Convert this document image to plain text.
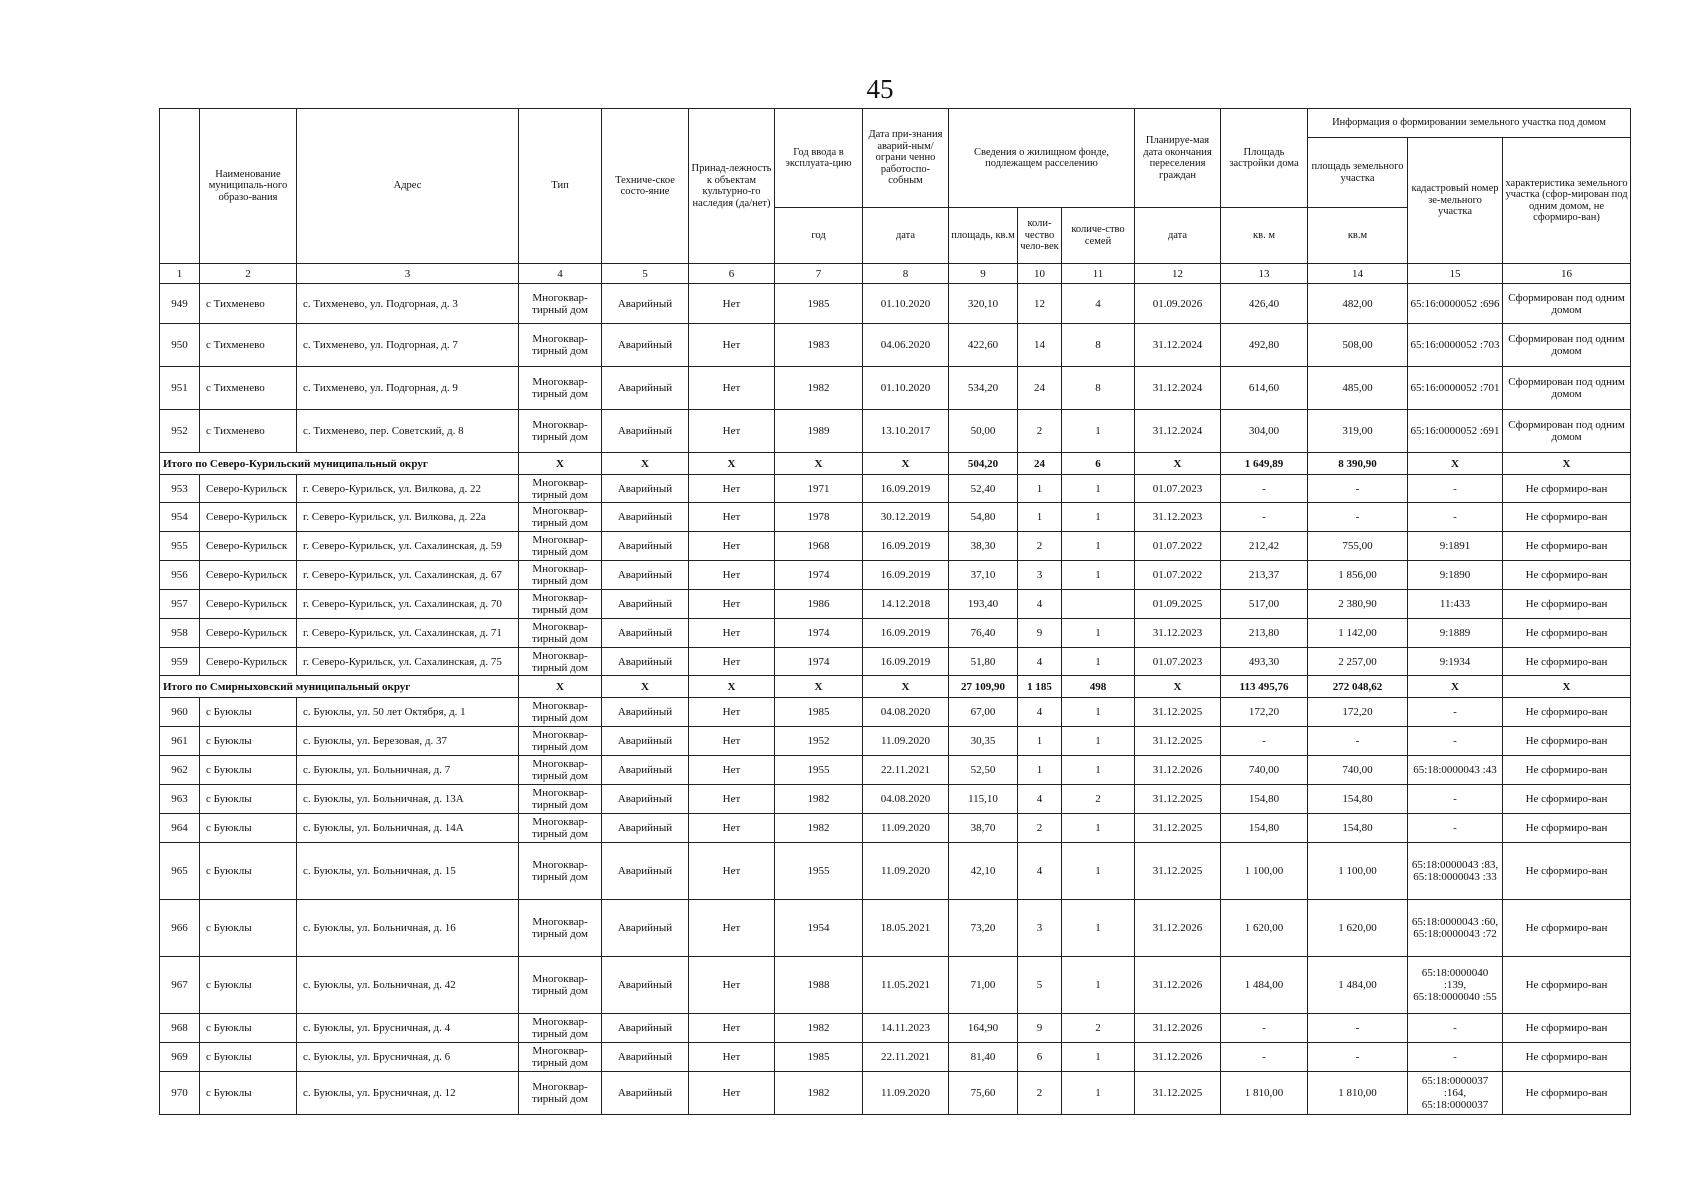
45
	Наименование муниципаль-ного образо-вания	Адрес	Тип	Техниче-ское состо-яние	Принад-лежность к объектам культурно-го наследия (да/нет)	Год ввода в эксплуата-цию	Дата при-знания аварий-ным/ограни ченно работоспо-собным	Сведения о жилищном фонде, подлежащем расселению			Планируе-мая дата окончания переселения граждан	Площадь застройки дома	Информация о формировании земельного участка под домом		
													площадь земельного участка	кадастровый номер зе-мельного участка	характеристика земельного участка (сфор-мирован под одним домом, не сформиро-ван)
						год	дата	площадь, кв.м	коли-чество чело-век	количе-ство семей	дата	кв. м	кв.м		
1	2	3	4	5	6	7	8	9	10	11	12	13	14	15	16
949	с Тихменево	с. Тихменево, ул. Подгорная, д. 3	Многоквар-тирный дом	Аварийный	Нет	1985	01.10.2020	320,10	12	4	01.09.2026	426,40	482,00	65:16:0000052 :696	Сформирован под одним домом
950	с Тихменево	с. Тихменево, ул. Подгорная, д. 7	Многоквар-тирный дом	Аварийный	Нет	1983	04.06.2020	422,60	14	8	31.12.2024	492,80	508,00	65:16:0000052 :703	Сформирован под одним домом
951	с Тихменево	с. Тихменево, ул. Подгорная, д. 9	Многоквар-тирный дом	Аварийный	Нет	1982	01.10.2020	534,20	24	8	31.12.2024	614,60	485,00	65:16:0000052 :701	Сформирован под одним домом
952	с Тихменево	с. Тихменево, пер. Советский, д. 8	Многоквар-тирный дом	Аварийный	Нет	1989	13.10.2017	50,00	2	1	31.12.2024	304,00	319,00	65:16:0000052 :691	Сформирован под одним домом
Итого по Северо-Курильский муниципальный округ			X	X	X	X	X	504,20	24	6	X	1 649,89	8 390,90	X	X
953	Северо-Курильск	г. Северо-Курильск, ул. Вилкова, д. 22	Многоквар-тирный дом	Аварийный	Нет	1971	16.09.2019	52,40	1	1	01.07.2023	-	-	-	Не сформиро-ван
954	Северо-Курильск	г. Северо-Курильск, ул. Вилкова, д. 22а	Многоквар-тирный дом	Аварийный	Нет	1978	30.12.2019	54,80	1	1	31.12.2023	-	-	-	Не сформиро-ван
955	Северо-Курильск	г. Северо-Курильск, ул. Сахалинская, д. 59	Многоквар-тирный дом	Аварийный	Нет	1968	16.09.2019	38,30	2	1	01.07.2022	212,42	755,00	9:1891	Не сформиро-ван
956	Северо-Курильск	г. Северо-Курильск, ул. Сахалинская, д. 67	Многоквар-тирный дом	Аварийный	Нет	1974	16.09.2019	37,10	3	1	01.07.2022	213,37	1 856,00	9:1890	Не сформиро-ван
957	Северо-Курильск	г. Северо-Курильск, ул. Сахалинская, д. 70	Многоквар-тирный дом	Аварийный	Нет	1986	14.12.2018	193,40	4		01.09.2025	517,00	2 380,90	11:433	Не сформиро-ван
958	Северо-Курильск	г. Северо-Курильск, ул. Сахалинская, д. 71	Многоквар-тирный дом	Аварийный	Нет	1974	16.09.2019	76,40	9	1	31.12.2023	213,80	1 142,00	9:1889	Не сформиро-ван
959	Северо-Курильск	г. Северо-Курильск, ул. Сахалинская, д. 75	Многоквар-тирный дом	Аварийный	Нет	1974	16.09.2019	51,80	4	1	01.07.2023	493,30	2 257,00	9:1934	Не сформиро-ван
Итого по Смирныховский муниципальный округ			X	X	X	X	X	27 109,90	1 185	498	X	113 495,76	272 048,62	X	X
960	с Буюклы	с. Буюклы, ул. 50 лет Октября, д. 1	Многоквар-тирный дом	Аварийный	Нет	1985	04.08.2020	67,00	4	1	31.12.2025	172,20	172,20	-	Не сформиро-ван
961	с Буюклы	с. Буюклы, ул. Березовая, д. 37	Многоквар-тирный дом	Аварийный	Нет	1952	11.09.2020	30,35	1	1	31.12.2025	-	-	-	Не сформиро-ван
962	с Буюклы	с. Буюклы, ул. Больничная, д. 7	Многоквар-тирный дом	Аварийный	Нет	1955	22.11.2021	52,50	1	1	31.12.2026	740,00	740,00	65:18:0000043 :43	Не сформиро-ван
963	с Буюклы	с. Буюклы, ул. Больничная, д. 13А	Многоквар-тирный дом	Аварийный	Нет	1982	04.08.2020	115,10	4	2	31.12.2025	154,80	154,80	-	Не сформиро-ван
964	с Буюклы	с. Буюклы, ул. Больничная, д. 14А	Многоквар-тирный дом	Аварийный	Нет	1982	11.09.2020	38,70	2	1	31.12.2025	154,80	154,80	-	Не сформиро-ван
965	с Буюклы	с. Буюклы, ул. Больничная, д. 15	Многоквар-тирный дом	Аварийный	Нет	1955	11.09.2020	42,10	4	1	31.12.2025	1 100,00	1 100,00	65:18:0000043 :83, 65:18:0000043 :33	Не сформиро-ван
966	с Буюклы	с. Буюклы, ул. Больничная, д. 16	Многоквар-тирный дом	Аварийный	Нет	1954	18.05.2021	73,20	3	1	31.12.2026	1 620,00	1 620,00	65:18:0000043 :60, 65:18:0000043 :72	Не сформиро-ван
967	с Буюклы	с. Буюклы, ул. Больничная, д. 42	Многоквар-тирный дом	Аварийный	Нет	1988	11.05.2021	71,00	5	1	31.12.2026	1 484,00	1 484,00	65:18:0000040 :139, 65:18:0000040 :55	Не сформиро-ван
968	с Буюклы	с. Буюклы, ул. Брусничная, д. 4	Многоквар-тирный дом	Аварийный	Нет	1982	14.11.2023	164,90	9	2	31.12.2026	-	-	-	Не сформиро-ван
969	с Буюклы	с. Буюклы, ул. Брусничная, д. 6	Многоквар-тирный дом	Аварийный	Нет	1985	22.11.2021	81,40	6	1	31.12.2026	-	-	-	Не сформиро-ван
970	с Буюклы	с. Буюклы, ул. Брусничная, д. 12	Многоквар-тирный дом	Аварийный	Нет	1982	11.09.2020	75,60	2	1	31.12.2025	1 810,00	1 810,00	65:18:0000037 :164, 65:18:0000037	Не сформиро-ван
